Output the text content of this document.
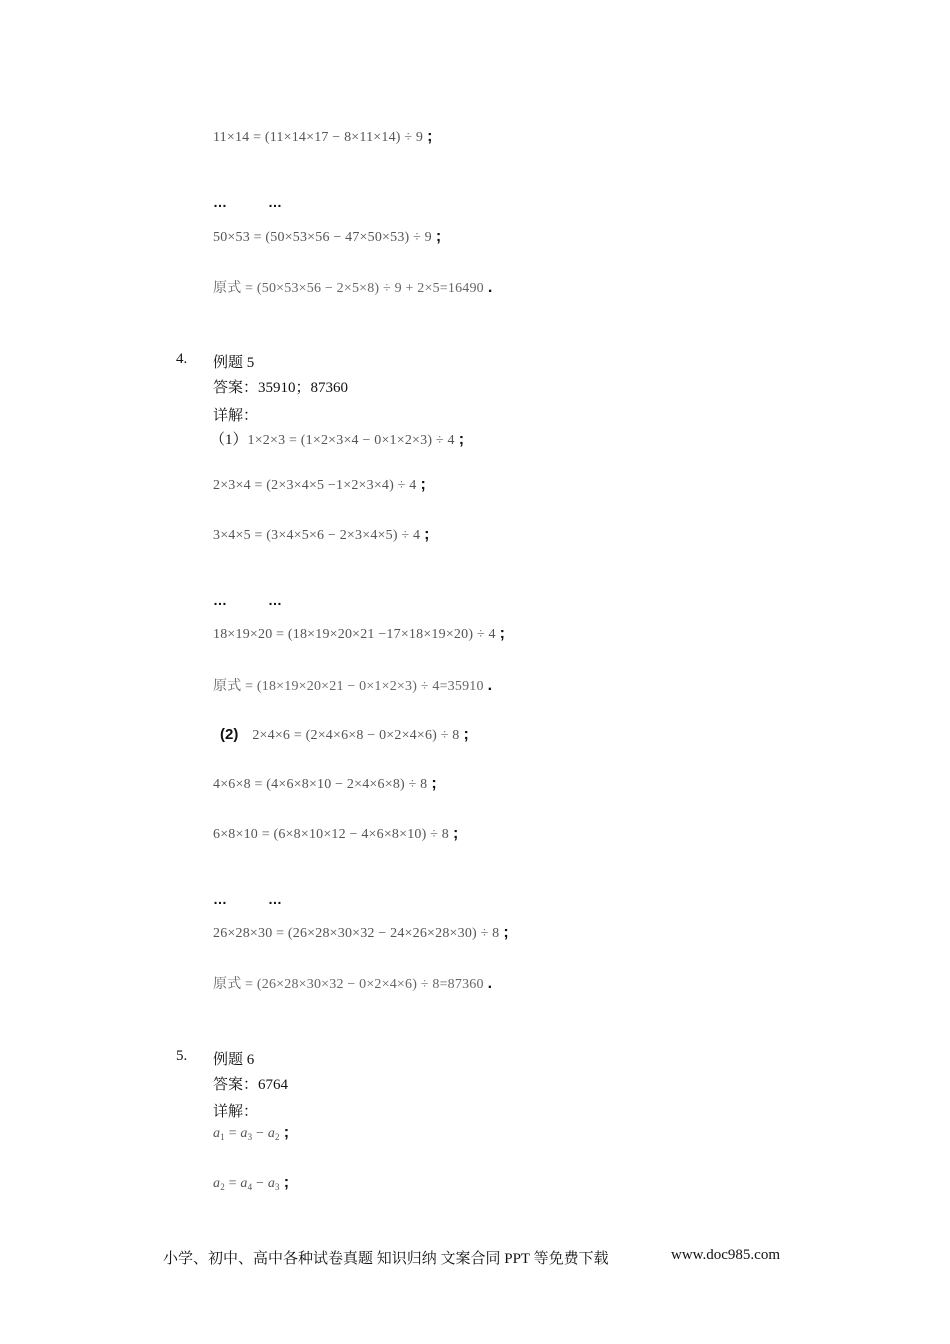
11×14 = (11×14×17 − 8×11×14) ÷ 9 ;
…	…
50×53 = (50×53×56 − 47×50×53) ÷ 9 ;
原式 = (50×53×56 − 2×5×8) ÷ 9 + 2×5=16490 .
4. 例题 5
答案：35910；87360
详解：
（1）1×2×3 = (1×2×3×4 − 0×1×2×3) ÷ 4 ;
2×3×4 = (2×3×4×5 −1×2×3×4) ÷ 4 ;
3×4×5 = (3×4×5×6 − 2×3×4×5) ÷ 4 ;
…	…
18×19×20 = (18×19×20×21 −17×18×19×20) ÷ 4 ;
原式 = (18×19×20×21 − 0×1×2×3) ÷ 4=35910 .
(2) 2×4×6 = (2×4×6×8 − 0×2×4×6) ÷ 8 ;
4×6×8 = (4×6×8×10 − 2×4×6×8) ÷ 8 ;
6×8×10 = (6×8×10×12 − 4×6×8×10) ÷ 8 ;
…	…
26×28×30 = (26×28×30×32 − 24×26×28×30) ÷ 8 ;
原式 = (26×28×30×32 − 0×2×4×6) ÷ 8=87360 .
5. 例题 6
答案：6764
详解：
$a_1 = a_3 - a_2$ ;
$a_2 = a_4 - a_3$ ;
小学、初中、高中各种试卷真题 知识归纳 文案合同 PPT 等免费下载	www.doc985.com
